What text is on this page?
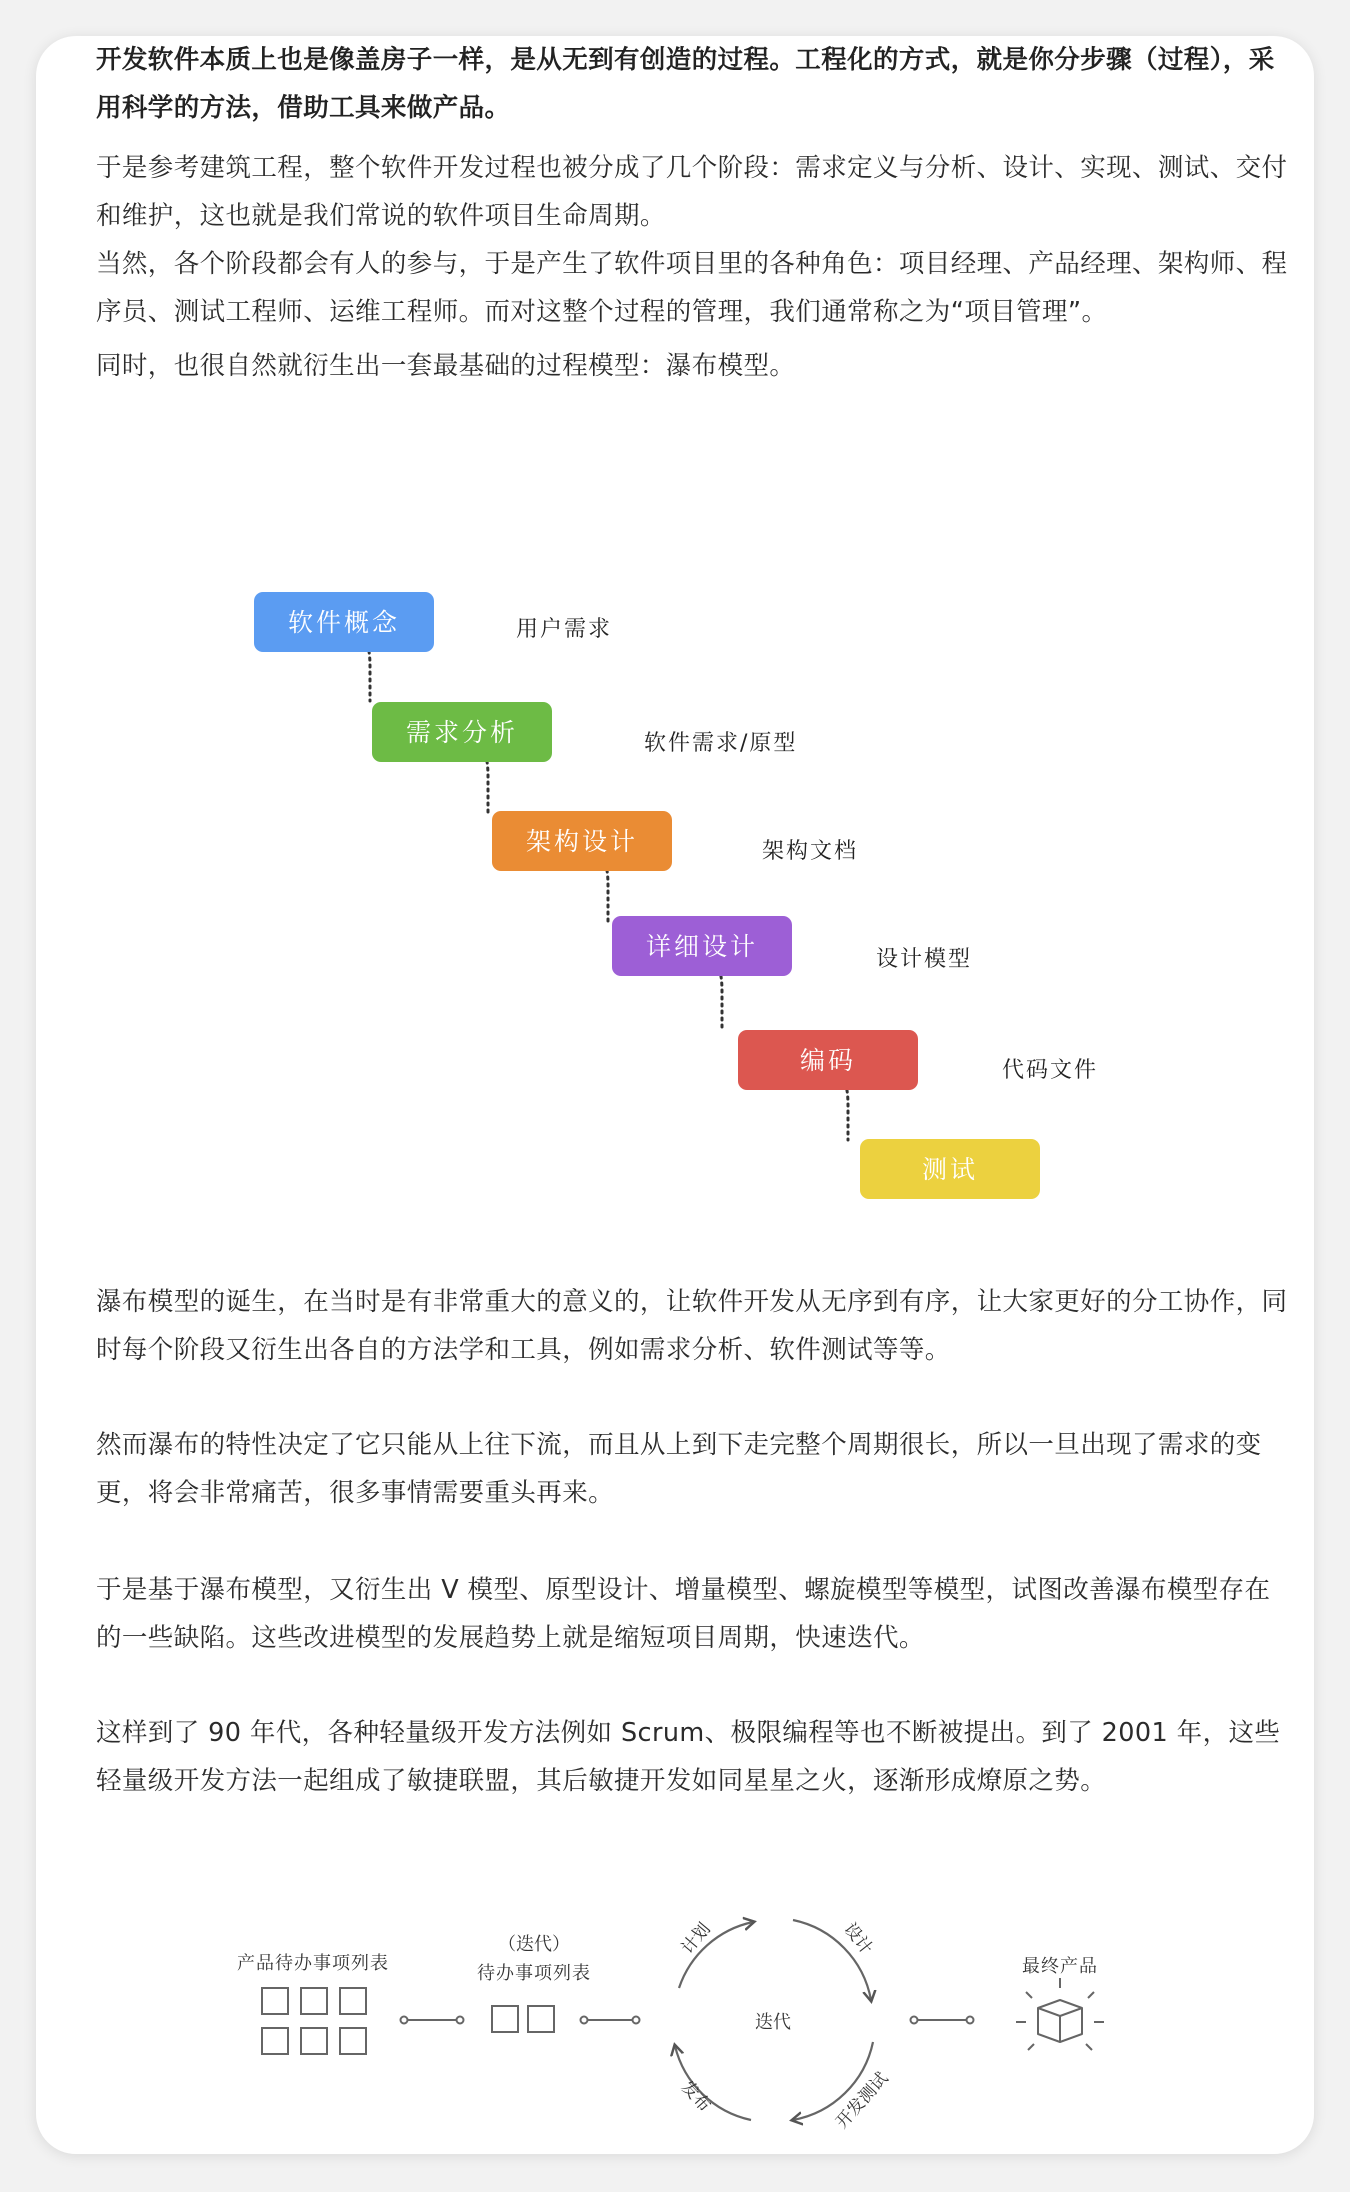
开发软件本质上也是像盖房子一样，是从无到有创造的过程。工程化的方式，就是你分步骤（过程），采用科学的方法，借助工具来做产品。

于是参考建筑工程，整个软件开发过程也被分成了几个阶段：需求定义与分析、设计、实现、测试、交付和维护，这也就是我们常说的软件项目生命周期。

当然，各个阶段都会有人的参与，于是产生了软件项目里的各种角色：项目经理、产品经理、架构师、程序员、测试工程师、运维工程师。而对这整个过程的管理，我们通常称之为“项目管理”。

同时，也很自然就衍生出一套最基础的过程模型：瀑布模型。

软件概念
需求分析
架构设计
详细设计
编码
测试
用户需求
软件需求/原型
架构文档
设计模型
代码文件

瀑布模型的诞生，在当时是有非常重大的意义的，让软件开发从无序到有序，让大家更好的分工协作，同时每个阶段又衍生出各自的方法学和工具，例如需求分析、软件测试等等。

然而瀑布的特性决定了它只能从上往下流，而且从上到下走完整个周期很长，所以一旦出现了需求的变更，将会非常痛苦，很多事情需要重头再来。

于是基于瀑布模型，又衍生出 V 模型、原型设计、增量模型、螺旋模型等模型，试图改善瀑布模型存在的一些缺陷。这些改进模型的发展趋势上就是缩短项目周期，快速迭代。

这样到了 90 年代，各种轻量级开发方法例如 Scrum、极限编程等也不断被提出。到了 2001 年，这些轻量级开发方法一起组成了敏捷联盟，其后敏捷开发如同星星之火，逐渐形成燎原之势。

产品待办事项列表
（迭代）
待办事项列表
迭代
计划	设计
开发测试
发布
最终产品
